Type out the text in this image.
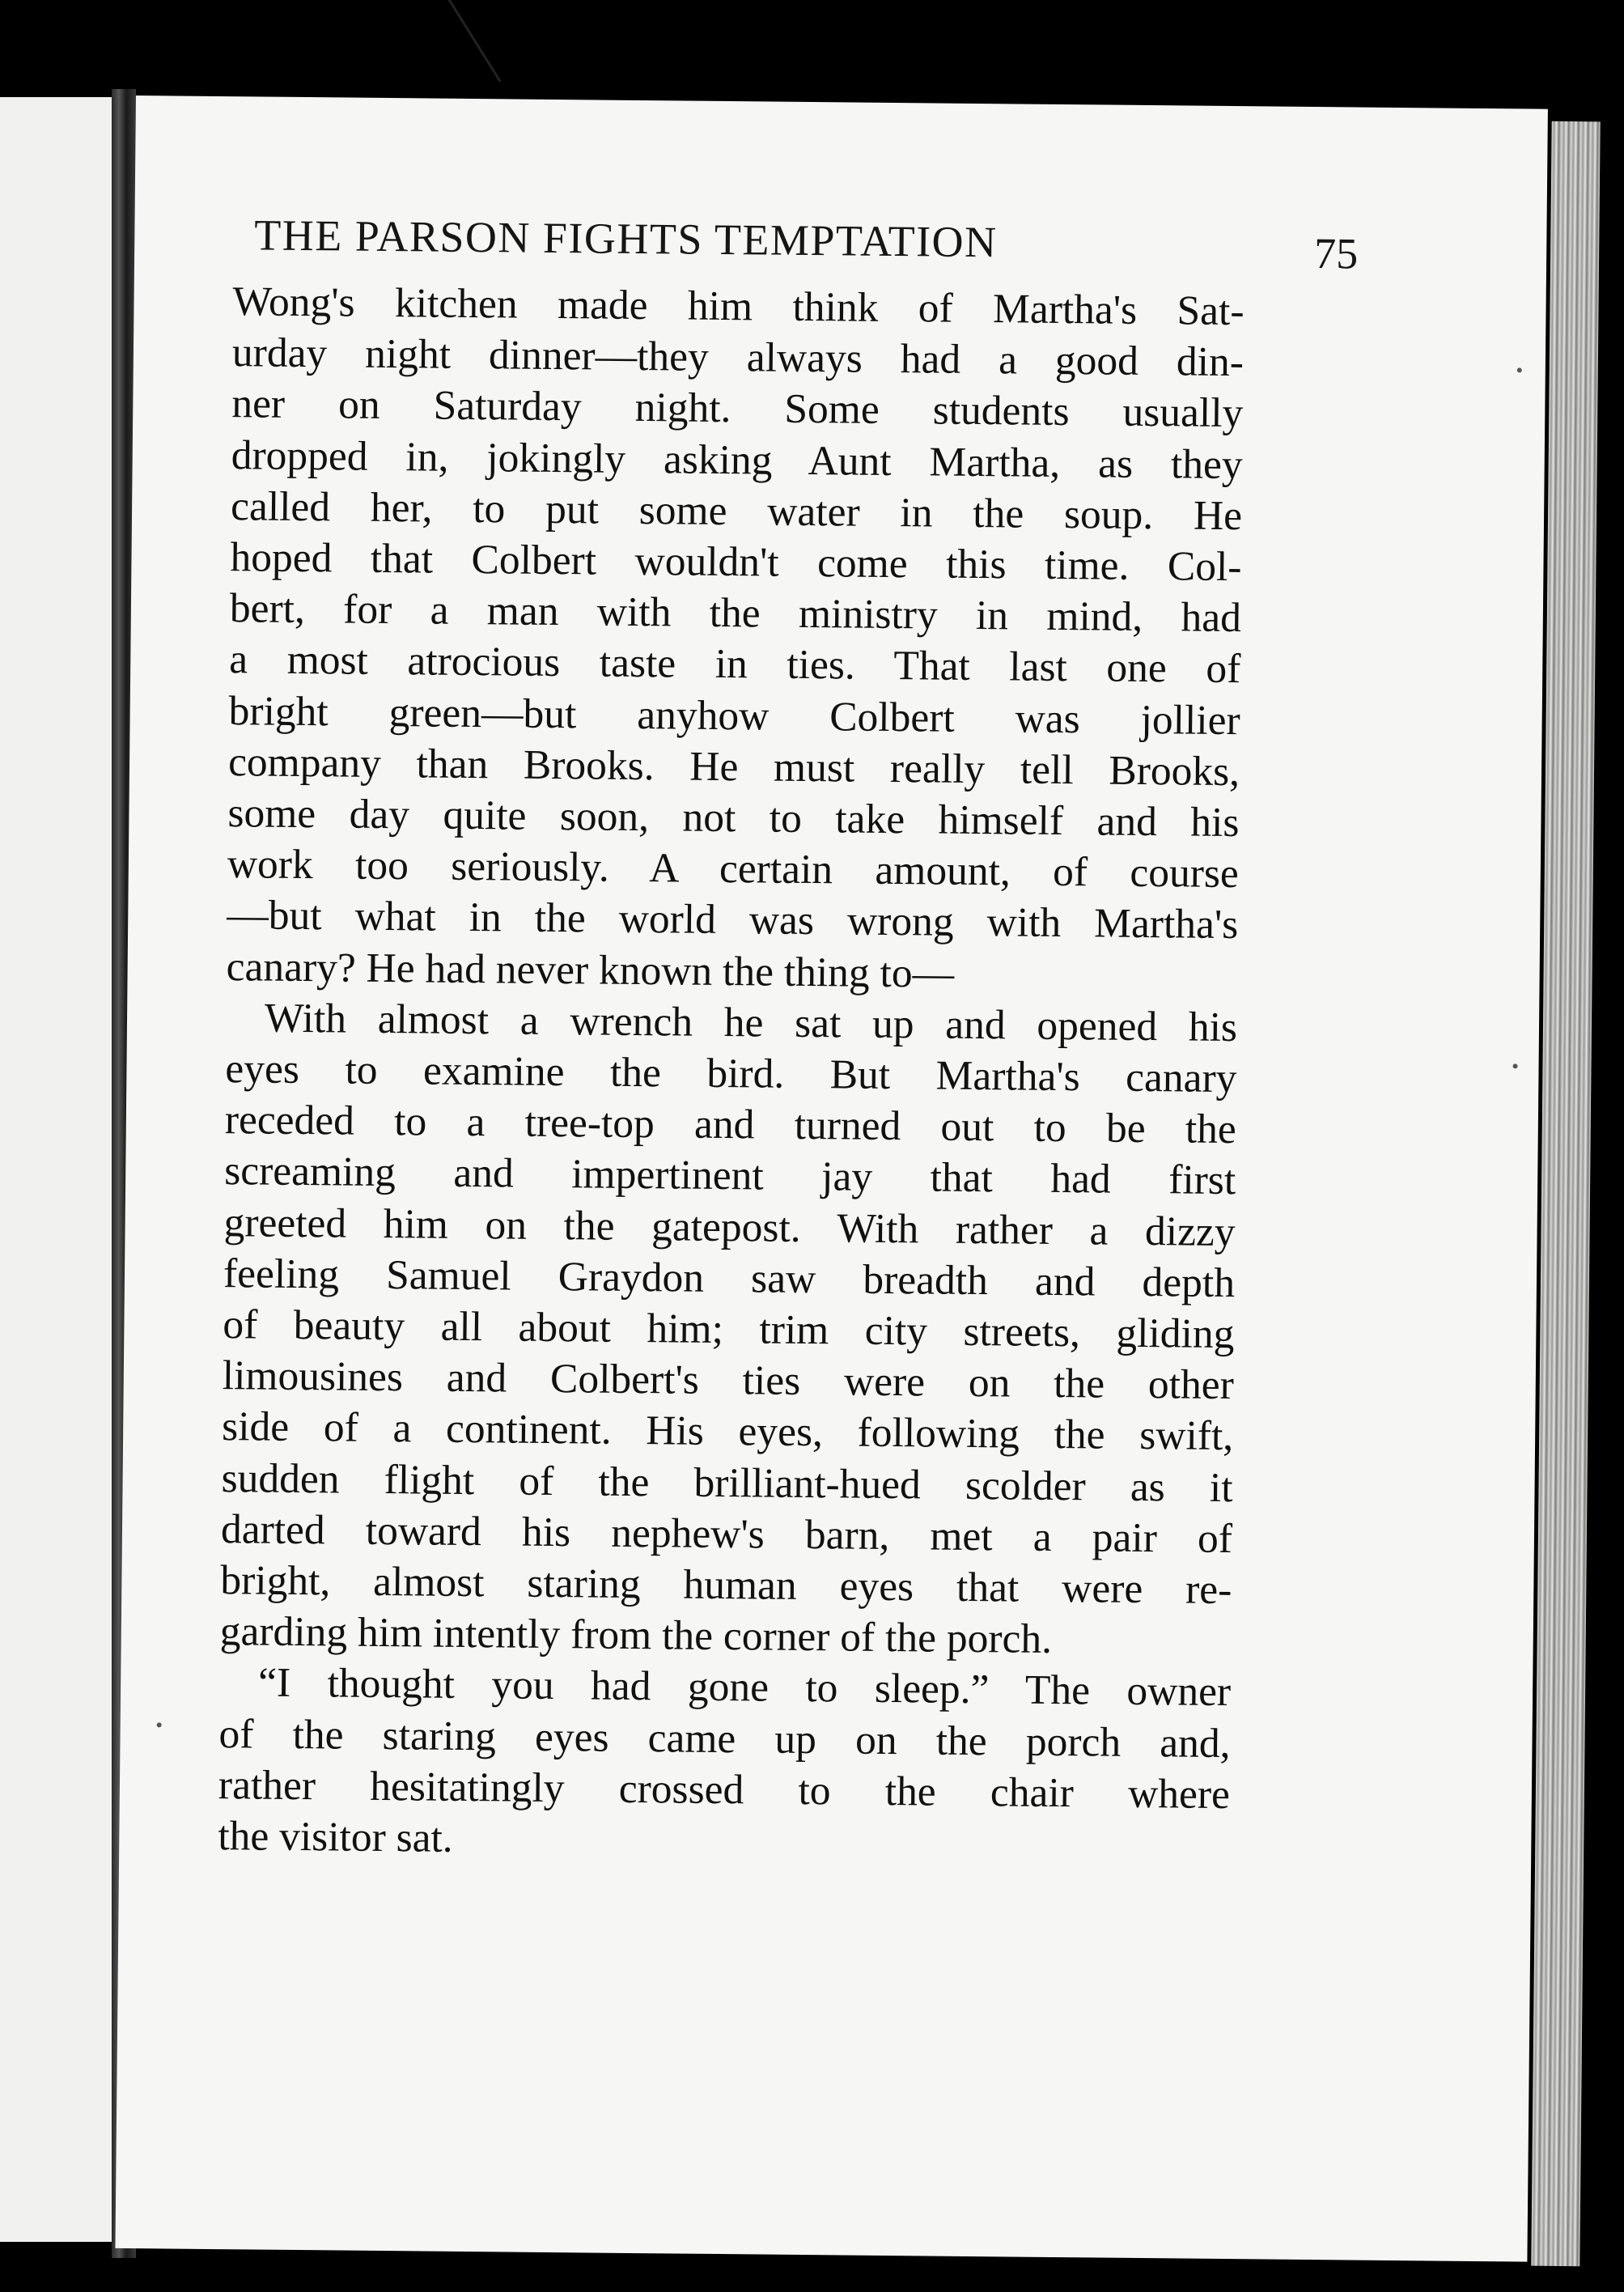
THE PARSON FIGHTS TEMPTATION	75
Wong's kitchen made him think of Martha's Sat-
urday night dinner—they always had a good din-
ner on Saturday night. Some students usually
dropped in, jokingly asking Aunt Martha, as they
called her, to put some water in the soup. He
hoped that Colbert wouldn't come this time. Col-
bert, for a man with the ministry in mind, had
a most atrocious taste in ties. That last one of
bright green—but anyhow Colbert was jollier
company than Brooks. He must really tell Brooks,
some day quite soon, not to take himself and his
work too seriously. A certain amount, of course
—but what in the world was wrong with Martha's
canary? He had never known the thing to—
With almost a wrench he sat up and opened his
eyes to examine the bird. But Martha's canary
receded to a tree-top and turned out to be the
screaming and impertinent jay that had first
greeted him on the gatepost. With rather a dizzy
feeling Samuel Graydon saw breadth and depth
of beauty all about him; trim city streets, gliding
limousines and Colbert's ties were on the other
side of a continent. His eyes, following the swift,
sudden flight of the brilliant-hued scolder as it
darted toward his nephew's barn, met a pair of
bright, almost staring human eyes that were re-
garding him intently from the corner of the porch.
“I thought you had gone to sleep.” The owner
of the staring eyes came up on the porch and,
rather hesitatingly crossed to the chair where
the visitor sat.
